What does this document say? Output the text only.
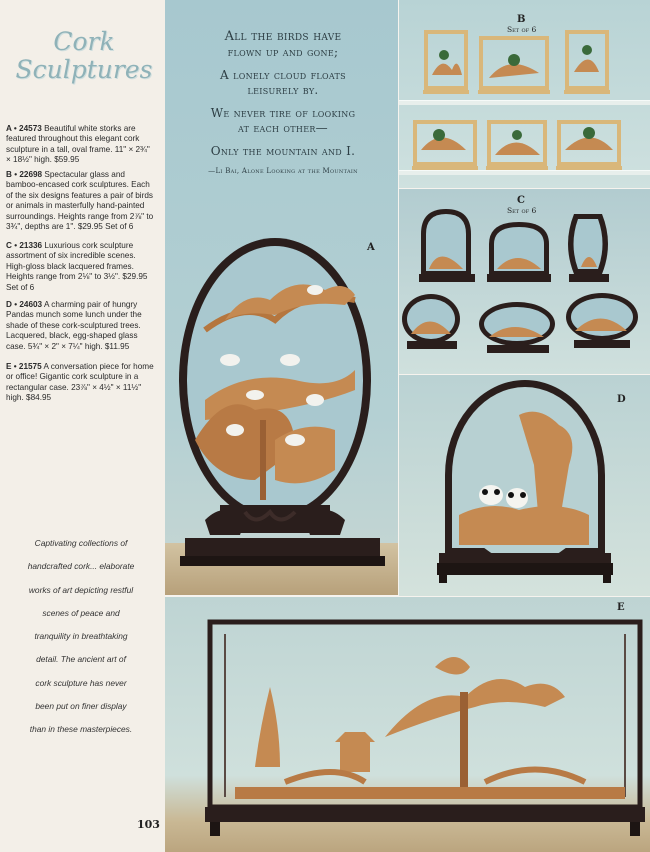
Cork
Sculptures
A • 24573 Beautiful white storks are featured throughout this elegant cork sculpture in a tall, oval frame. 11" × 2¾" × 18½" high. $59.95
B • 22698 Spectacular glass and bamboo-encased cork sculptures. Each of the six designs features a pair of birds or animals in masterfully hand-painted surroundings. Heights range from 2⅞" to 3¾", depths are 1". $29.95 Set of 6
C • 21336 Luxurious cork sculpture assortment of six incredible scenes. High-gloss black lacquered frames. Heights range from 2⅛" to 3½". $29.95 Set of 6
D • 24603 A charming pair of hungry Pandas munch some lunch under the shade of these cork-sculptured trees. Lacquered, black, egg-shaped glass case. 5¾" × 2" × 7¼" high. $11.95
E • 21575 A conversation piece for home or office! Gigantic cork sculpture in a rectangular case. 23⅞" × 4½" × 11½" high. $84.95
Captivating collections of
handcrafted cork... elaborate
works of art depicting restful
scenes of peace and
tranquility in breathtaking
detail. The ancient art of
cork sculpture has never
been put on finer display
than in these masterpieces.
103
A
All the birds have
flown up and gone;
A lonely cloud floats
leisurely by.
We never tire of looking
at each other—
Only the mountain and I.
—Li Bai, Alone Looking at the Mountain
B
Set of 6
C
Set of 6
D
E
